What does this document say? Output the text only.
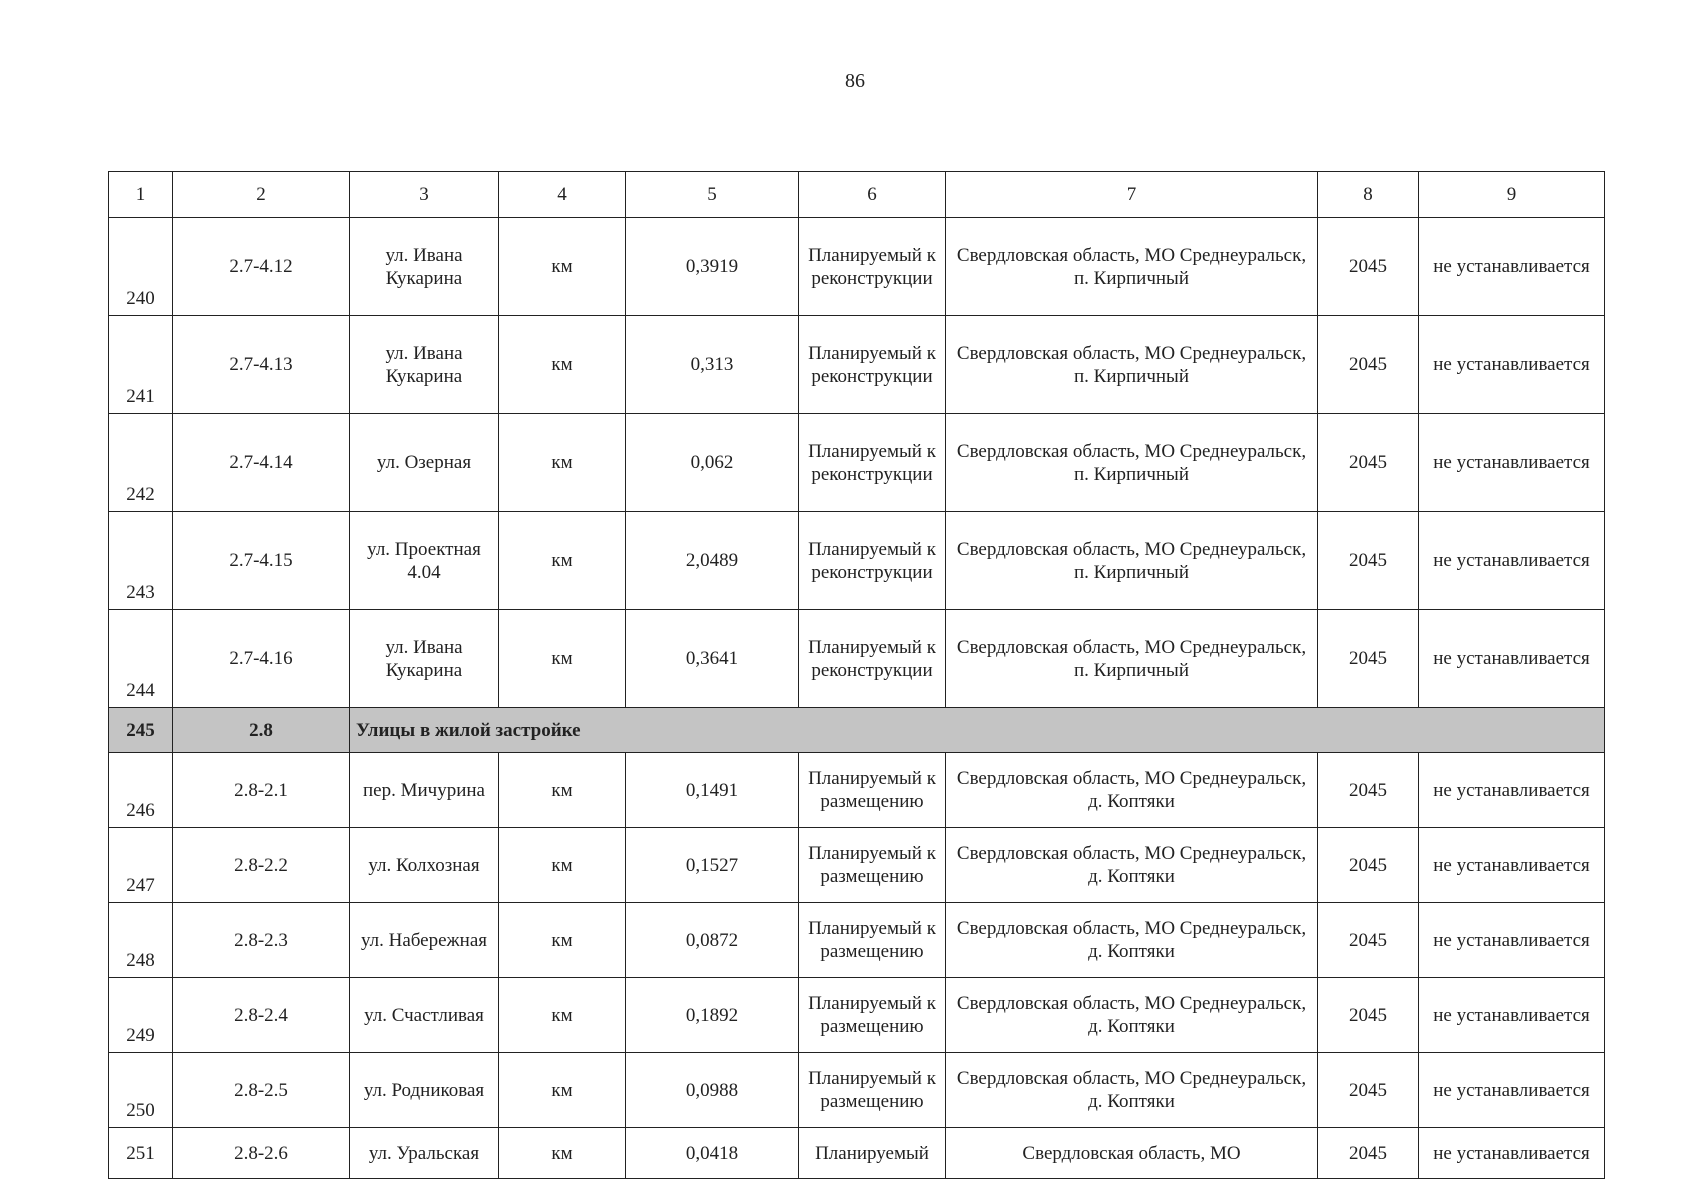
86
1	2	3	4	5	6	7	8	9
240	2.7-4.12	ул. Ивана Кукарина	км	0,3919	Планируемый к реконструкции	Свердловская область, МО Среднеуральск, п. Кирпичный	2045	не устанавливается
241	2.7-4.13	ул. Ивана Кукарина	км	0,313	Планируемый к реконструкции	Свердловская область, МО Среднеуральск, п. Кирпичный	2045	не устанавливается
242	2.7-4.14	ул. Озерная	км	0,062	Планируемый к реконструкции	Свердловская область, МО Среднеуральск, п. Кирпичный	2045	не устанавливается
243	2.7-4.15	ул. Проектная 4.04	км	2,0489	Планируемый к реконструкции	Свердловская область, МО Среднеуральск, п. Кирпичный	2045	не устанавливается
244	2.7-4.16	ул. Ивана Кукарина	км	0,3641	Планируемый к реконструкции	Свердловская область, МО Среднеуральск, п. Кирпичный	2045	не устанавливается
245	2.8	Улицы в жилой застройке						
246	2.8-2.1	пер. Мичурина	км	0,1491	Планируемый к размещению	Свердловская область, МО Среднеуральск, д. Коптяки	2045	не устанавливается
247	2.8-2.2	ул. Колхозная	км	0,1527	Планируемый к размещению	Свердловская область, МО Среднеуральск, д. Коптяки	2045	не устанавливается
248	2.8-2.3	ул. Набережная	км	0,0872	Планируемый к размещению	Свердловская область, МО Среднеуральск, д. Коптяки	2045	не устанавливается
249	2.8-2.4	ул. Счастливая	км	0,1892	Планируемый к размещению	Свердловская область, МО Среднеуральск, д. Коптяки	2045	не устанавливается
250	2.8-2.5	ул. Родниковая	км	0,0988	Планируемый к размещению	Свердловская область, МО Среднеуральск, д. Коптяки	2045	не устанавливается
251	2.8-2.6	ул. Уральская	км	0,0418	Планируемый	Свердловская область, МО	2045	не устанавливается
